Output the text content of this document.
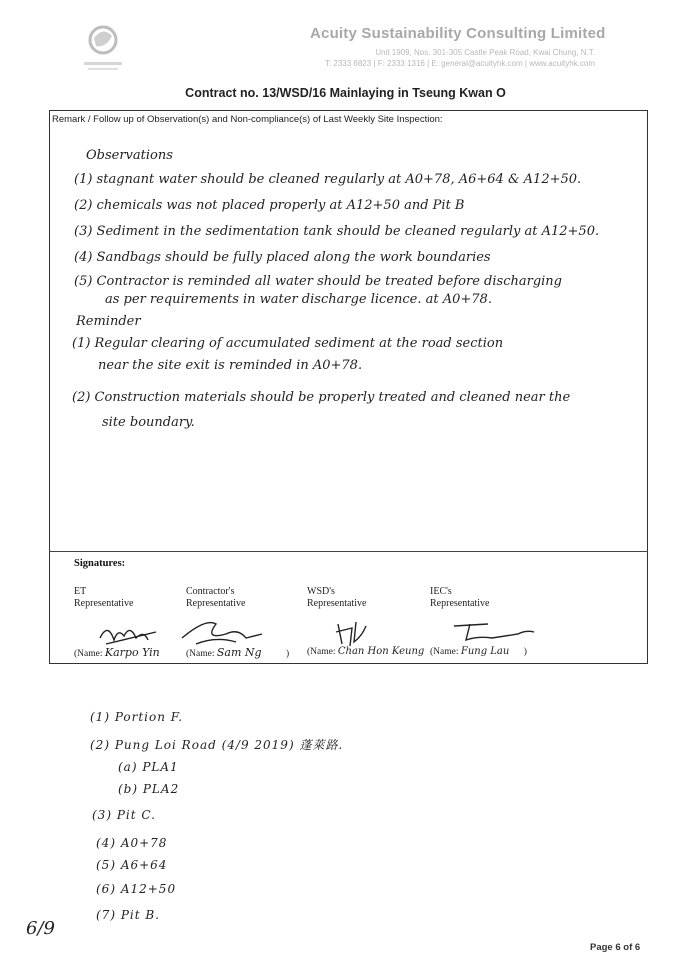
Acuity Sustainability Consulting Limited
Unit 1909, Nos. 301-305 Castle Peak Road, Kwai Chung, N.T.
T: 2333 6823 | F: 2333 1316 | E: general@acuityhk.com | www.acuityhk.com
Contract no. 13/WSD/16 Mainlaying in Tseung Kwan O
Remark / Follow up of Observation(s) and Non-compliance(s) of Last Weekly Site Inspection:
Observations
(1) stagnant water should be cleaned regularly at A0+78, A6+64 & A12+50.
(2) chemicals was not placed properly at A12+50 and Pit B
(3) Sediment in the sedimentation tank should be cleaned regularly at A12+50.
(4) Sandbags should be fully placed along the work boundaries
(5) Contractor is reminded all water should be treated before discharging
as per requirements in water discharge licence. at A0+78.
Reminder
(1) Regular clearing of accumulated sediment at the road section
near the site exit is reminded in A0+78.
(2) Construction materials should be properly treated and cleaned near the
site boundary.
Signatures:
ET
Representative
Contractor's
Representative
WSD's
Representative
IEC's
Representative
(Name: Karpo Yin	(Name: Sam Ng	) (Name: Chan Hon Keung (Name: Fung Lau )
(1) Portion F.
(2) Pung Loi Road (4/9 2019) 蓬萊路.
(a) PLA1
(b) PLA2
(3) Pit C.
(4) A0+78
(5) A6+64
(6) A12+50
(7) Pit B.
Page 6 of 6
6/9
